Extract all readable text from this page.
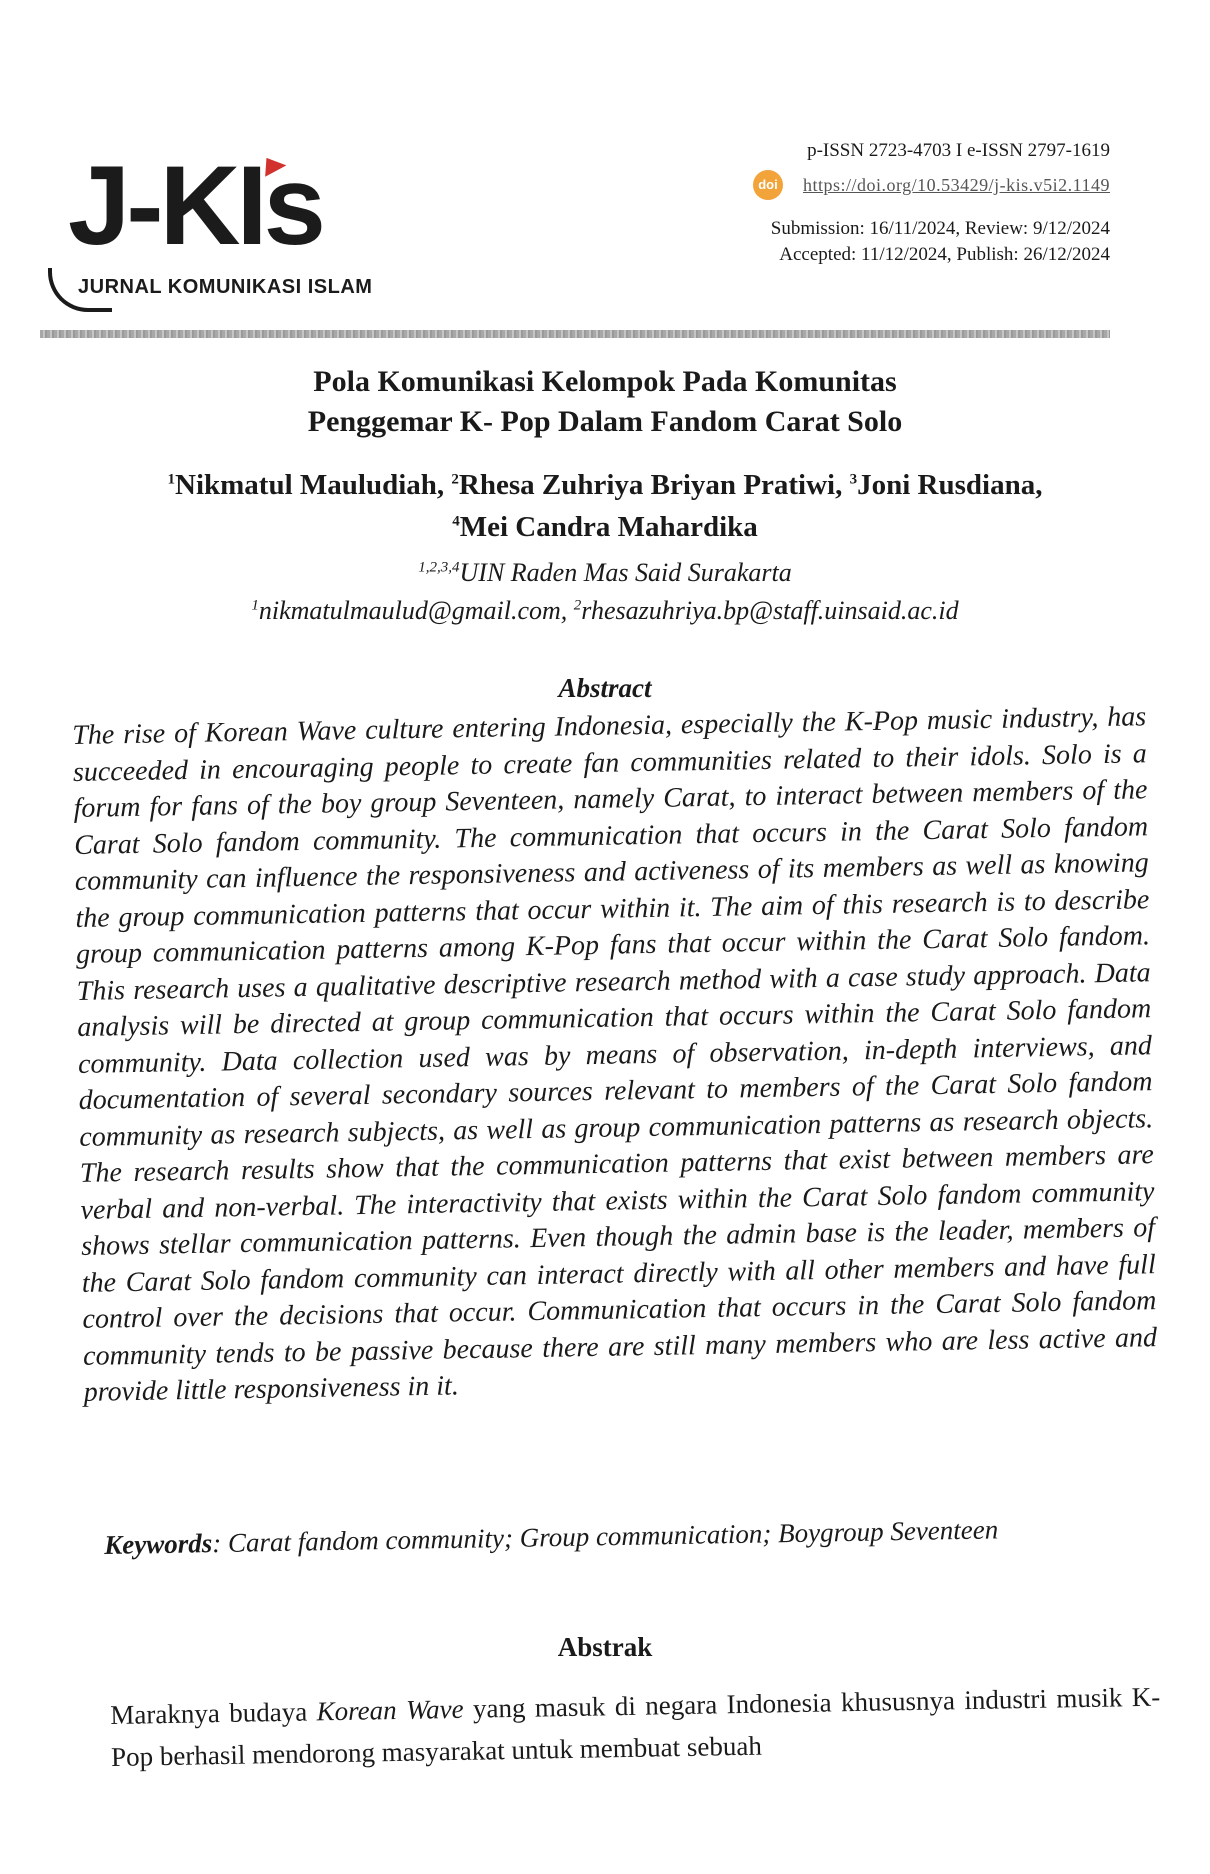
J-KIs
JURNAL KOMUNIKASI ISLAM
p-ISSN 2723-4703 I e-ISSN 2797-1619
doi https://doi.org/10.53429/j-kis.v5i2.1149
Submission: 16/11/2024, Review: 9/12/2024
Accepted: 11/12/2024, Publish: 26/12/2024
Pola Komunikasi Kelompok Pada Komunitas
Penggemar K- Pop Dalam Fandom Carat Solo
$^1$Nikmatul Mauludiah, $^2$Rhesa Zuhriya Briyan Pratiwi, $^3$Joni Rusdiana,
$^4$Mei Candra Mahardika
$^{1,2,3,4}$UIN Raden Mas Said Surakarta
$^1$nikmatulmaulud@gmail.com, $^2$rhesazuhriya.bp@staff.uinsaid.ac.id
Abstract
The rise of Korean Wave culture entering Indonesia, especially the K-Pop music industry, has succeeded in encouraging people to create fan communities related to their idols. Solo is a forum for fans of the boy group Seventeen, namely Carat, to interact between members of the Carat Solo fandom community. The communication that occurs in the Carat Solo fandom community can influence the responsiveness and activeness of its members as well as knowing the group communication patterns that occur within it. The aim of this research is to describe group communication patterns among K-Pop fans that occur within the Carat Solo fandom. This research uses a qualitative descriptive research method with a case study approach. Data analysis will be directed at group communication that occurs within the Carat Solo fandom community. Data collection used was by means of observation, in-depth interviews, and documentation of several secondary sources relevant to members of the Carat Solo fandom community as research subjects, as well as group communication patterns as research objects. The research results show that the communication patterns that exist between members are verbal and non-verbal. The interactivity that exists within the Carat Solo fandom community shows stellar communication patterns. Even though the admin base is the leader, members of the Carat Solo fandom community can interact directly with all other members and have full control over the decisions that occur. Communication that occurs in the Carat Solo fandom community tends to be passive because there are still many members who are less active and provide little responsiveness in it.
Keywords: Carat fandom community; Group communication; Boygroup Seventeen
Abstrak
Maraknya budaya Korean Wave yang masuk di negara Indonesia khususnya industri musik K-Pop berhasil mendorong masyarakat untuk membuat sebuah
